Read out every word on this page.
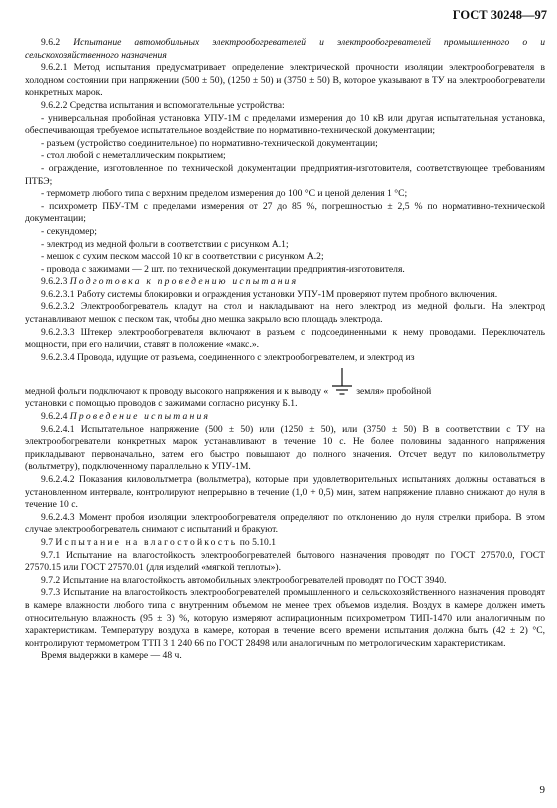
ГОСТ 30248—97

9.6.2 Испытание автомобильных электрообогревателей и электрообогревателей промышленного о и сельскохозяйственного назначения

9.6.2.1 Метод испытания предусматривает определение электрической прочности изоляции электрообогревателя в холодном состоянии при напряжении (500 ± 50), (1250 ± 50) и (3750 ± 50) В, которое указывают в ТУ на электрообогреватели конкретных марок.

9.6.2.2 Средства испытания и вспомогательные устройства:

- универсальная пробойная установка УПУ-1М с пределами измерения до 10 кВ или другая испытательная установка, обеспечивающая требуемое испытательное воздействие по нормативно-технической документации;

- разъем (устройство соединительное) по нормативно-технической документации;

- стол любой с неметаллическим покрытием;

- ограждение, изготовленное по технической документации предприятия-изготовителя, соответствующее требованиям ПТБЭ;

- термометр любого типа с верхним пределом измерения до 100 °С и ценой деления 1 °С;

- психрометр ПБУ-ТМ с пределами измерения от 27 до 85 %, погрешностью ± 2,5 % по нормативно-технической документации;

- секундомер;

- электрод из медной фольги в соответствии с рисунком А.1;

- мешок с сухим песком массой 10 кг в соответствии с рисунком А.2;

- провода с зажимами — 2 шт. по технической документации предприятия-изготовителя.

9.6.2.3 Подготовка к проведению испытания

9.6.2.3.1 Работу системы блокировки и ограждения установки УПУ-1М проверяют путем пробного включения.

9.6.2.3.2 Электрообогреватель кладут на стол и накладывают на него электрод из медной фольги. На электрод устанавливают мешок с песком так, чтобы дно мешка закрыло всю площадь электрода.

9.6.2.3.3 Штекер электрообогревателя включают в разъем с подсоединенными к нему проводами. Переключатель мощности, при его наличии, ставят в положение «макс.».

9.6.2.3.4 Провода, идущие от разъема, соединенного с электрообогревателем, и электрод из

медной фольги подключают к проводу высокого напряжения и к выводу «	земля» пробойной

установки с помощью проводов с зажимами согласно рисунку Б.1.

9.6.2.4 Проведение испытания

9.6.2.4.1 Испытательное напряжение (500 ± 50) или (1250 ± 50), или (3750 ± 50) В в соответствии с ТУ на электрообогреватели конкретных марок устанавливают в течение 10 с. Не более половины заданного напряжения прикладывают первоначально, затем его быстро повышают до полного значения. Отсчет ведут по киловольтметру (вольтметру), подключенному параллельно к УПУ-1М.

9.6.2.4.2 Показания киловольтметра (вольтметра), которые при удовлетворительных испытаниях должны оставаться в установленном интервале, контролируют непрерывно в течение (1,0 + 0,5) мин, затем напряжение плавно снижают до нуля в течение 10 с.

9.6.2.4.3 Момент пробоя изоляции электрообогревателя определяют по отклонению до нуля стрелки прибора. В этом случае электрообогреватель снимают с испытаний и бракуют.

9.7 Испытание на влагостойкость по 5.10.1

9.7.1 Испытание на влагостойкость электрообогревателей бытового назначения проводят по ГОСТ 27570.0, ГОСТ 27570.15 или ГОСТ 27570.01 (для изделий «мягкой теплоты»).

9.7.2 Испытание на влагостойкость автомобильных электрообогревателей проводят по ГОСТ 3940.

9.7.3 Испытание на влагостойкость электрообогревателей промышленного и сельскохозяйственного назначения проводят в камере влажности любого типа с внутренним объемом не менее трех объемов изделия. Воздух в камере должен иметь относительную влажность (95 ± 3) %, которую измеряют аспирационным психрометром ТИП-1470 или аналогичным по характеристикам. Температуру воздуха в камере, которая в течение всего времени испытания должна быть (42 ± 2) °С, контролируют термометром ТТП 3 1 240 66 по ГОСТ 28498 или аналогичным по метрологическим характеристикам.

Время выдержки в камере — 48 ч.

9
